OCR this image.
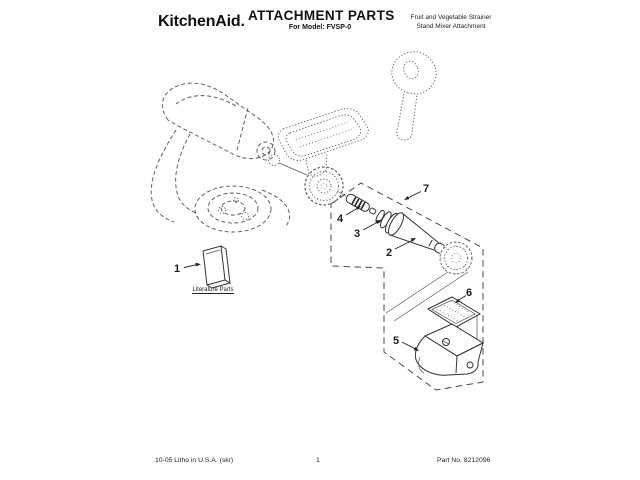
KitchenAid. ATTACHMENT PARTS
For Model: FVSP-0
Fruit and Vegetable Strainer
Stand Mixer Attachment
Literature Parts
1
2
3
4
5
6
7
10-05 Litho in U.S.A. (skr)	1	Part No. 8212096
